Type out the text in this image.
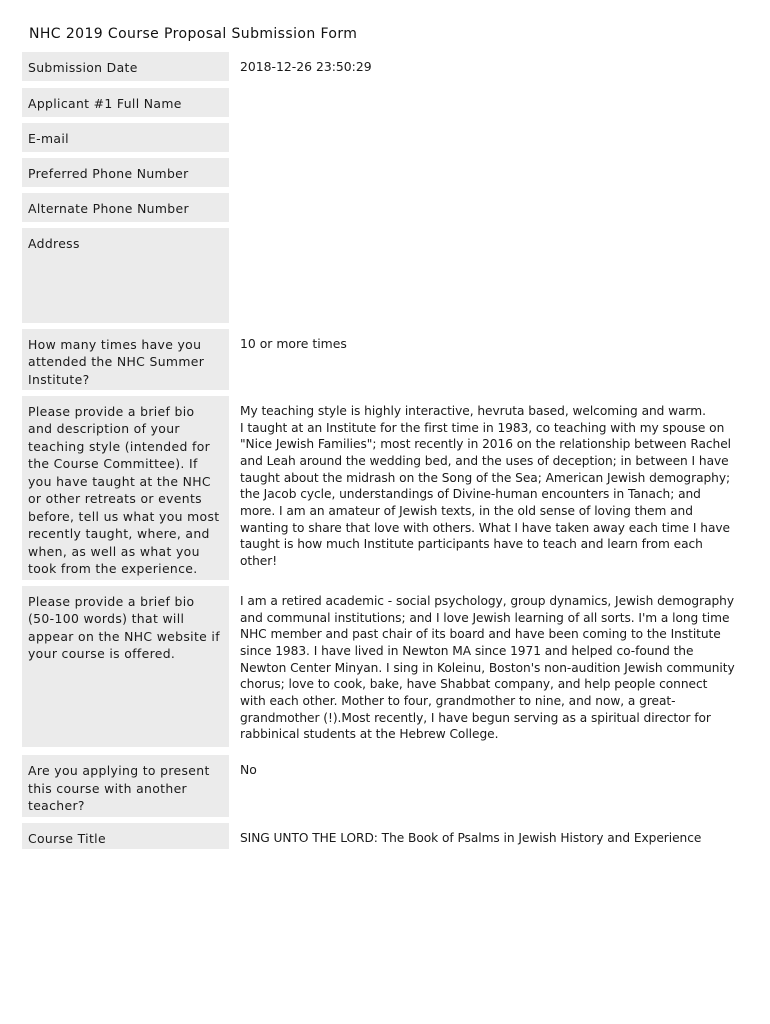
NHC 2019 Course Proposal Submission Form
Submission Date	2018-12-26 23:50:29
Applicant #1 Full Name
E-mail
Preferred Phone Number
Alternate Phone Number
Address
How many times have you attended the NHC Summer Institute?
10 or more times
Please provide a brief bio and description of your teaching style (intended for the Course Committee). If you have taught at the NHC or other retreats or events before, tell us what you most recently taught, where, and when, as well as what you took from the experience.
My teaching style is highly interactive, hevruta based, welcoming and warm.
I taught at an Institute for the first time in 1983, co teaching with my spouse on "Nice Jewish Families"; most recently in 2016 on the relationship between Rachel and Leah around the wedding bed, and the uses of deception; in between I have taught about the midrash on the Song of the Sea; American Jewish demography; the Jacob cycle, understandings of Divine-human encounters in Tanach; and more. I am an amateur of Jewish texts, in the old sense of loving them and wanting to share that love with others. What I have taken away each time I have taught is how much Institute participants have to teach and learn from each other!
Please provide a brief bio (50-100 words) that will appear on the NHC website if your course is offered.
I am a retired academic - social psychology, group dynamics, Jewish demography and communal institutions; and I love Jewish learning of all sorts. I'm a long time NHC member and past chair of its board and have been coming to the Institute since 1983. I have lived in Newton MA since 1971 and helped co-found the Newton Center Minyan. I sing in Koleinu, Boston's non-audition Jewish community chorus; love to cook, bake, have Shabbat company, and help people connect with each other. Mother to four, grandmother to nine, and now, a great-grandmother (!).Most recently, I have begun serving as a spiritual director for rabbinical students at the Hebrew College.
Are you applying to present this course with another teacher?
No
Course Title	SING UNTO THE LORD: The Book of Psalms in Jewish History and Experience
